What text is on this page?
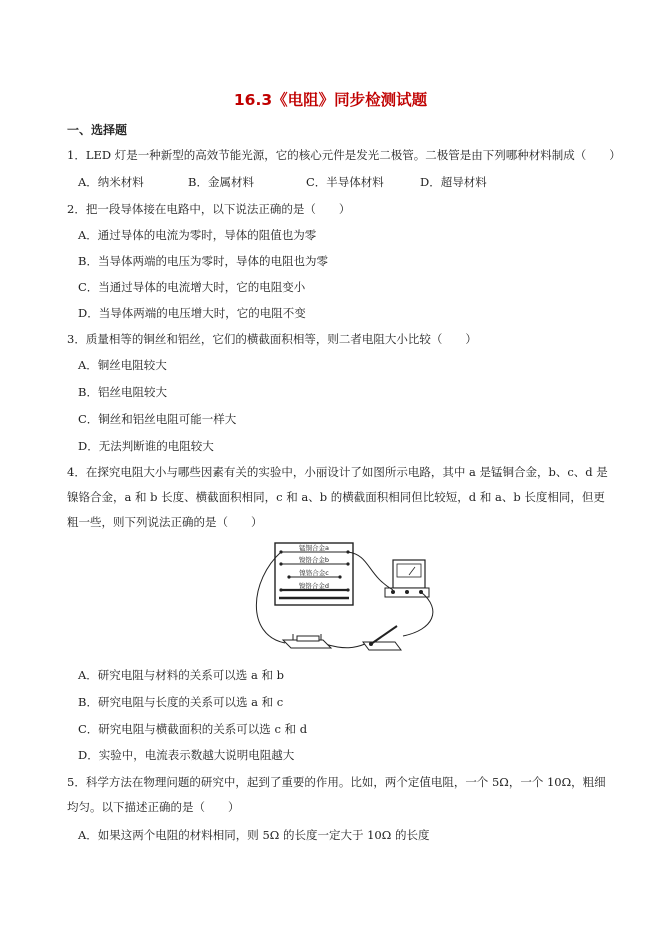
16.3《电阻》同步检测试题
一、选择题
1．LED 灯是一种新型的高效节能光源，它的核心元件是发光二极管。二极管是由下列哪种材料制成（　　）
A．纳米材料	B．金属材料	C．半导体材料	D．超导材料
2．把一段导体接在电路中，以下说法正确的是（　　）
A．通过导体的电流为零时，导体的阻值也为零
B．当导体两端的电压为零时，导体的电阻也为零
C．当通过导体的电流增大时，它的电阻变小
D．当导体两端的电压增大时，它的电阻不变
3．质量相等的铜丝和铝丝，它们的横截面积相等，则二者电阻大小比较（　　）
A．铜丝电阻较大
B．铝丝电阻较大
C．铜丝和铝丝电阻可能一样大
D．无法判断谁的电阻较大
4．在探究电阻大小与哪些因素有关的实验中，小丽设计了如图所示电路，其中 a 是锰铜合金，b、c、d 是
镍铬合金，a 和 b 长度、横截面积相同，c 和 a、b 的横截面积相同但比较短，d 和 a、b 长度相同，但更
粗一些，则下列说法正确的是（　　）
锰铜合金a
镍铬合金b
镍铬合金c
镍铬合金d
A．研究电阻与材料的关系可以选 a 和 b
B．研究电阻与长度的关系可以选 a 和 c
C．研究电阻与横截面积的关系可以选 c 和 d
D．实验中，电流表示数越大说明电阻越大
5．科学方法在物理问题的研究中，起到了重要的作用。比如，两个定值电阻，一个 5Ω，一个 10Ω，粗细
均匀。以下描述正确的是（　　）
A．如果这两个电阻的材料相同，则 5Ω 的长度一定大于 10Ω 的长度
